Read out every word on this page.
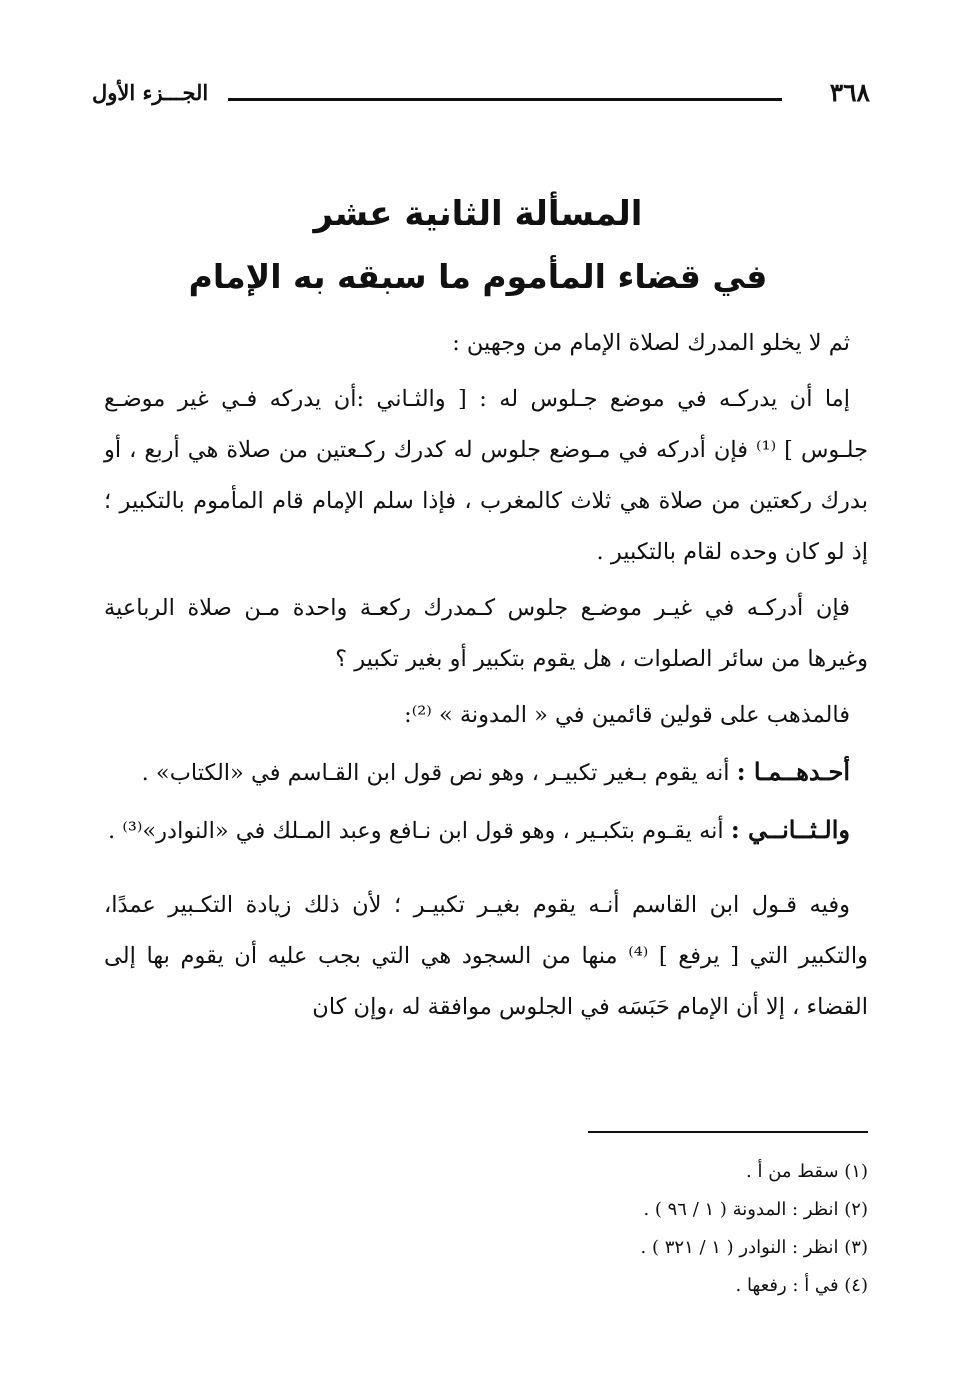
٣٦٨
الجـــزء الأول
المسألة الثانية عشر
في قضاء المأموم ما سبقه به الإمام

ثم لا يخلو المدرك لصلاة الإمام من وجهين :

إما أن يدركـه في موضع جـلوس له : [ والثـاني :أن يدركه فـي غير موضـع جلـوس ] ⁽¹⁾ فإن أدركه في مـوضع جلوس له كدرك ركـعتين من صلاة هي أربع ، أو بدرك ركعتين من صلاة هي ثلاث كالمغرب ، فإذا سلم الإمام قام المأموم بالتكبير ؛ إذ لو كان وحده لقام بالتكبير .

فإن أدركـه في غيـر موضـع جلوس كـمدرك ركعـة واحدة مـن صلاة الرباعية وغيرها من سائر الصلوات ، هل يقوم بتكبير أو بغير تكبير ؟

فالمذهب على قولين قائمين في « المدونة » ⁽²⁾:

أحـدهــمـا : أنه يقوم بـغير تكبيـر ، وهو نص قول ابن القـاسم في «الكتاب» .

والـثــانــي : أنه يقـوم بتكبـير ، وهو قول ابن نـافع وعبد المـلك في «النوادر»⁽³⁾ .

وفيه قـول ابن القاسم أنـه يقوم بغيـر تكبيـر ؛ لأن ذلك زيادة التكـبير عمدًا، والتكبير التي [ يرفع ] ⁽⁴⁾ منها من السجود هي التي بجب عليه أن يقوم بها إلى القضاء ، إلا أن الإمام حَبَسَه في الجلوس موافقة له ،وإن كان

(١) سقط من أ .
(٢) انظر : المدونة ( ١ / ٩٦ ) .
(٣) انظر : النوادر ( ١ / ٣٢١ ) .
(٤) في أ : رفعها .
